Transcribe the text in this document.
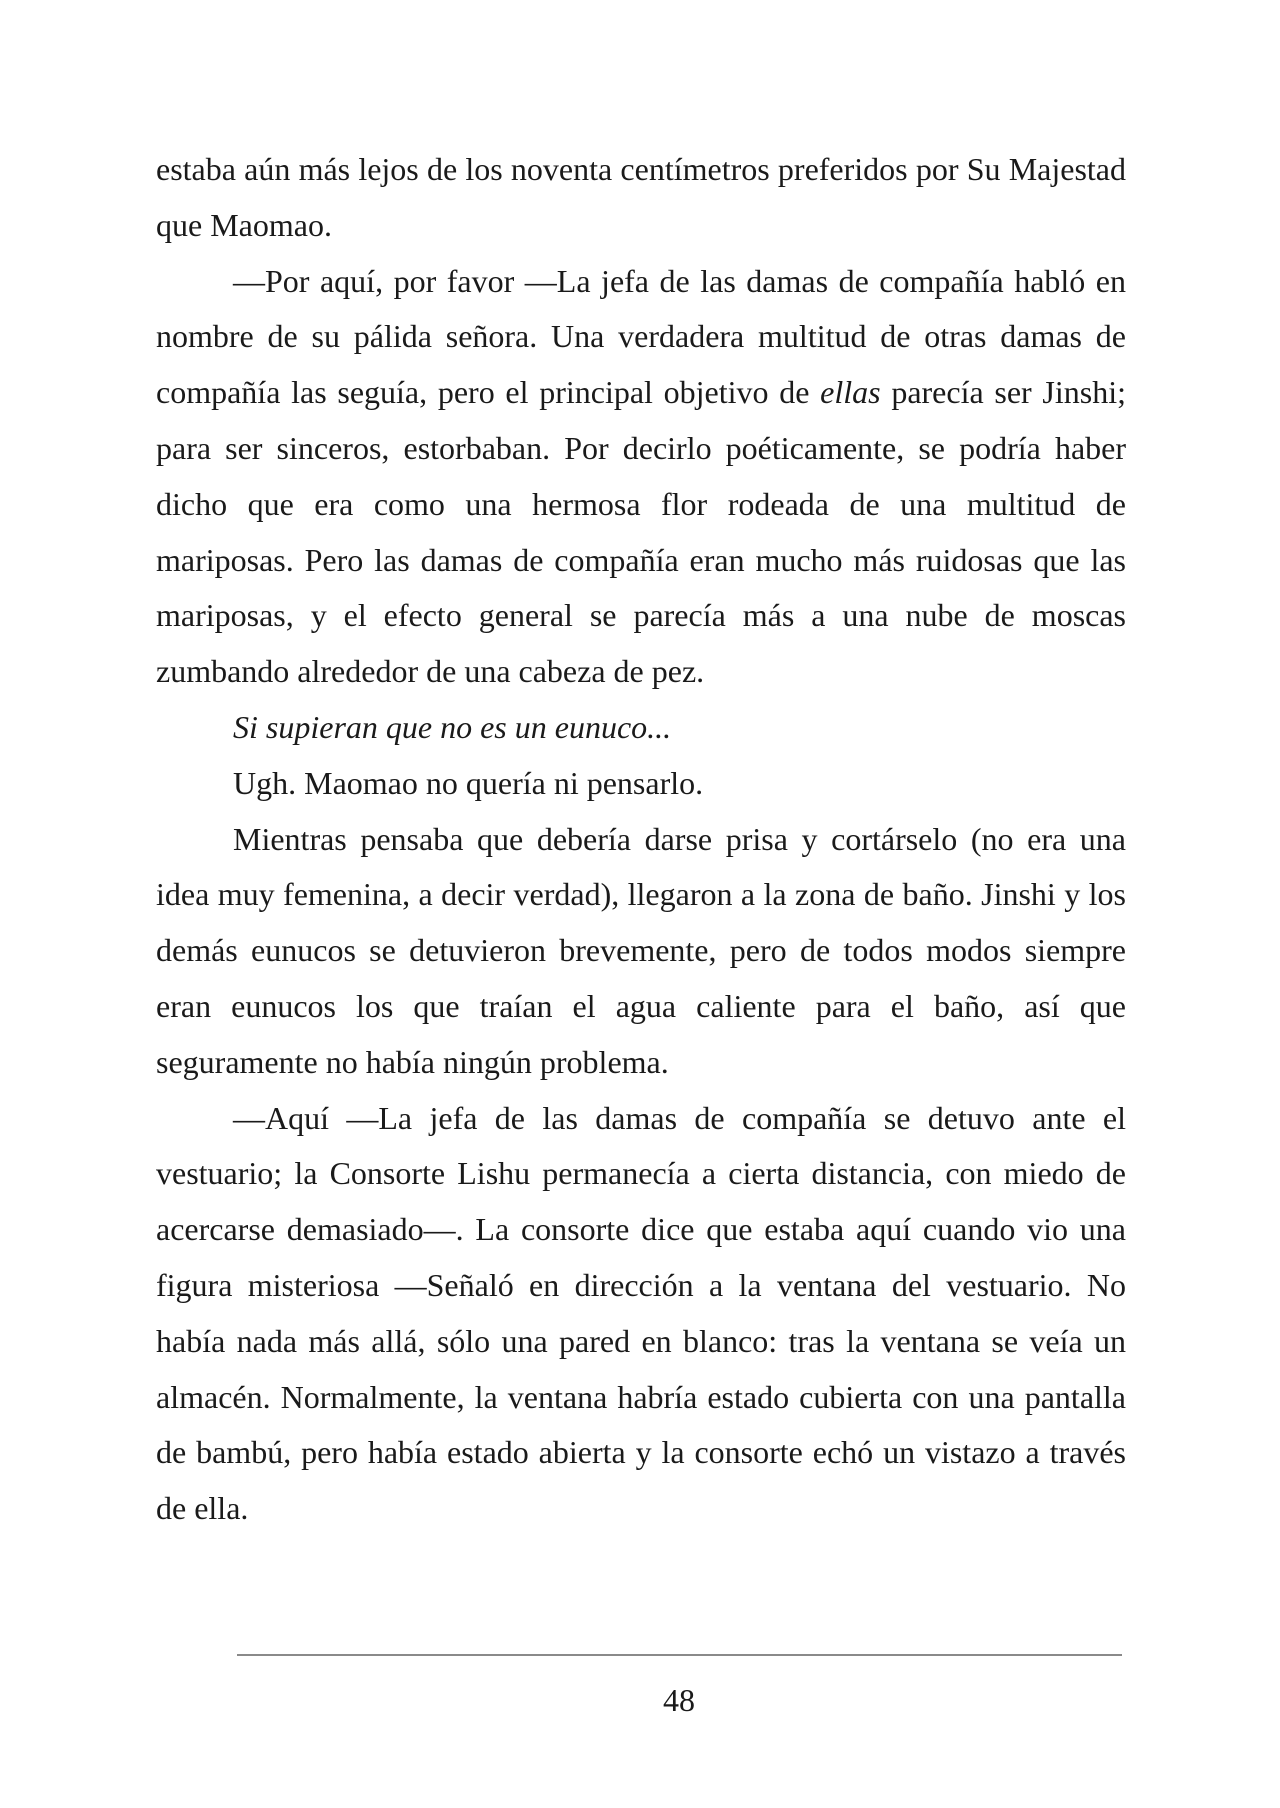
estaba aún más lejos de los noventa centímetros preferidos por Su Majestad que Maomao.

—Por aquí, por favor —La jefa de las damas de compañía habló en nombre de su pálida señora. Una verdadera multitud de otras damas de compañía las seguía, pero el principal objetivo de ellas parecía ser Jinshi; para ser sinceros, estorbaban. Por decirlo poéticamente, se podría haber dicho que era como una hermosa flor rodeada de una multitud de mariposas. Pero las damas de compañía eran mucho más ruidosas que las mariposas, y el efecto general se parecía más a una nube de moscas zumbando alrededor de una cabeza de pez.

Si supieran que no es un eunuco...

Ugh. Maomao no quería ni pensarlo.

Mientras pensaba que debería darse prisa y cortárselo (no era una idea muy femenina, a decir verdad), llegaron a la zona de baño. Jinshi y los demás eunucos se detuvieron brevemente, pero de todos modos siempre eran eunucos los que traían el agua caliente para el baño, así que seguramente no había ningún problema.

—Aquí —La jefa de las damas de compañía se detuvo ante el vestuario; la Consorte Lishu permanecía a cierta distancia, con miedo de acercarse demasiado—. La consorte dice que estaba aquí cuando vio una figura misteriosa —Señaló en dirección a la ventana del vestuario. No había nada más allá, sólo una pared en blanco: tras la ventana se veía un almacén. Normalmente, la ventana habría estado cubierta con una pantalla de bambú, pero había estado abierta y la consorte echó un vistazo a través de ella.

48
